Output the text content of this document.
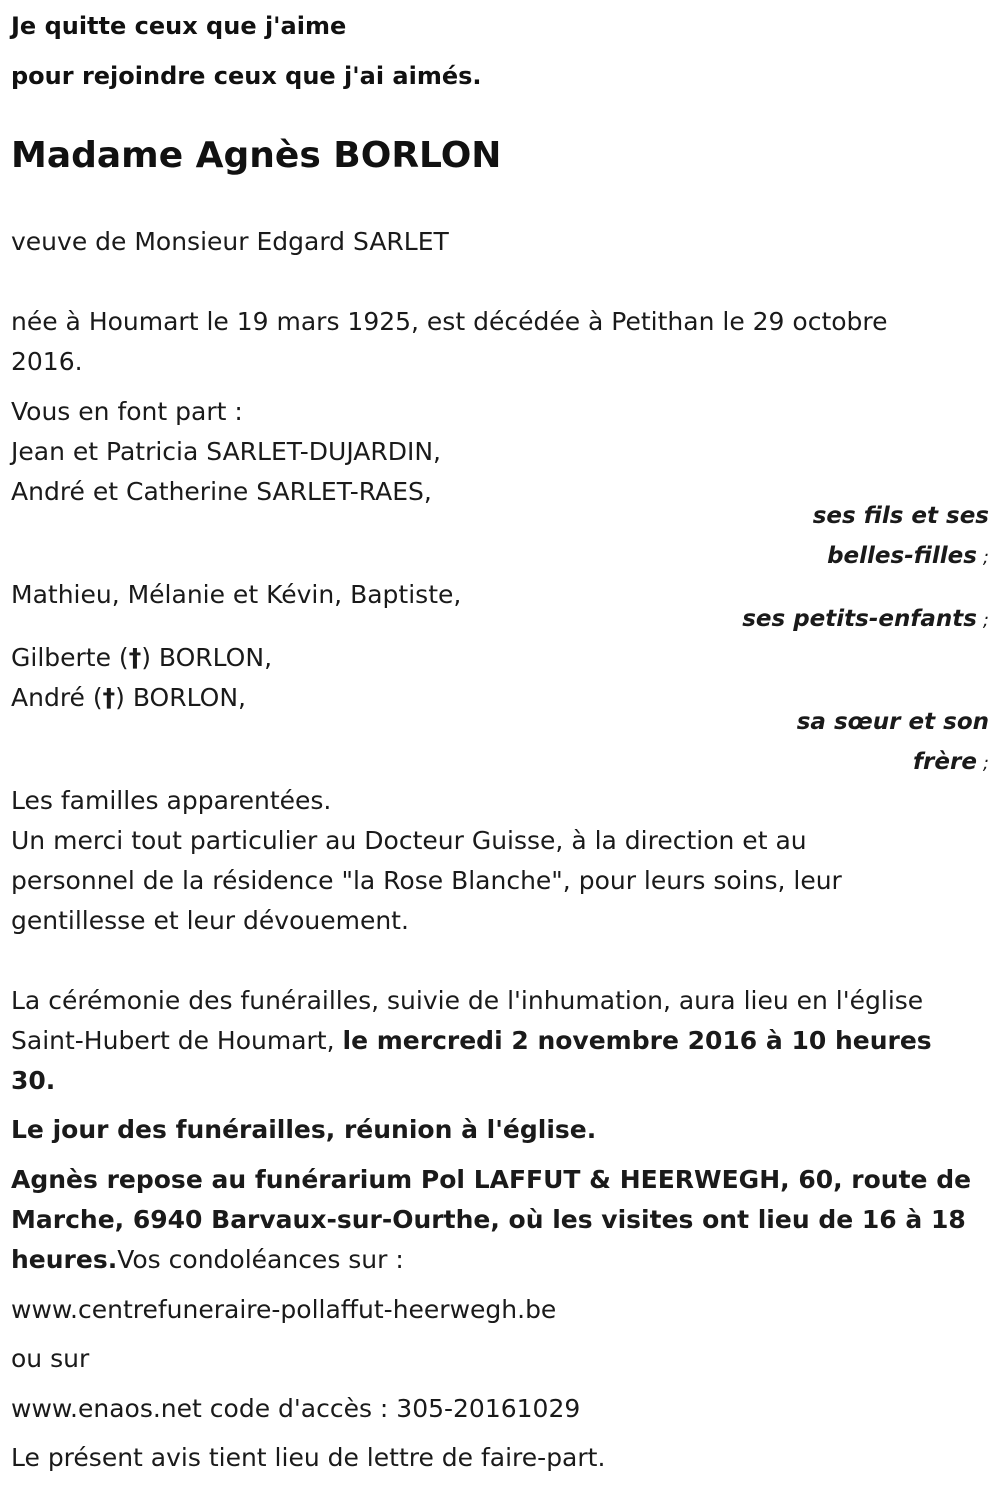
Je quitte ceux que j'aime
pour rejoindre ceux que j'ai aimés.
Madame Agnès BORLON
veuve de Monsieur Edgard SARLET
née à Houmart le 19 mars 1925, est décédée à Petithan le 29 octobre
2016.
Vous en font part :
Jean et Patricia SARLET-DUJARDIN,
André et Catherine SARLET-RAES,
ses fils et ses
belles-filles ;
Mathieu, Mélanie et Kévin, Baptiste,
ses petits-enfants ;
Gilberte (†) BORLON,
André (†) BORLON,
sa sœur et son
frère ;
Les familles apparentées.
Un merci tout particulier au Docteur Guisse, à la direction et au
personnel de la résidence "la Rose Blanche", pour leurs soins, leur
gentillesse et leur dévouement.
La cérémonie des funérailles, suivie de l'inhumation, aura lieu en l'église
Saint-Hubert de Houmart, le mercredi 2 novembre 2016 à 10 heures
30.
Le jour des funérailles, réunion à l'église.
Agnès repose au funérarium Pol LAFFUT & HEERWEGH, 60, route de
Marche, 6940 Barvaux-sur-Ourthe, où les visites ont lieu de 16 à 18
heures.Vos condoléances sur :
www.centrefuneraire-pollaffut-heerwegh.be
ou sur
www.enaos.net code d'accès : 305-20161029
Le présent avis tient lieu de lettre de faire-part.
